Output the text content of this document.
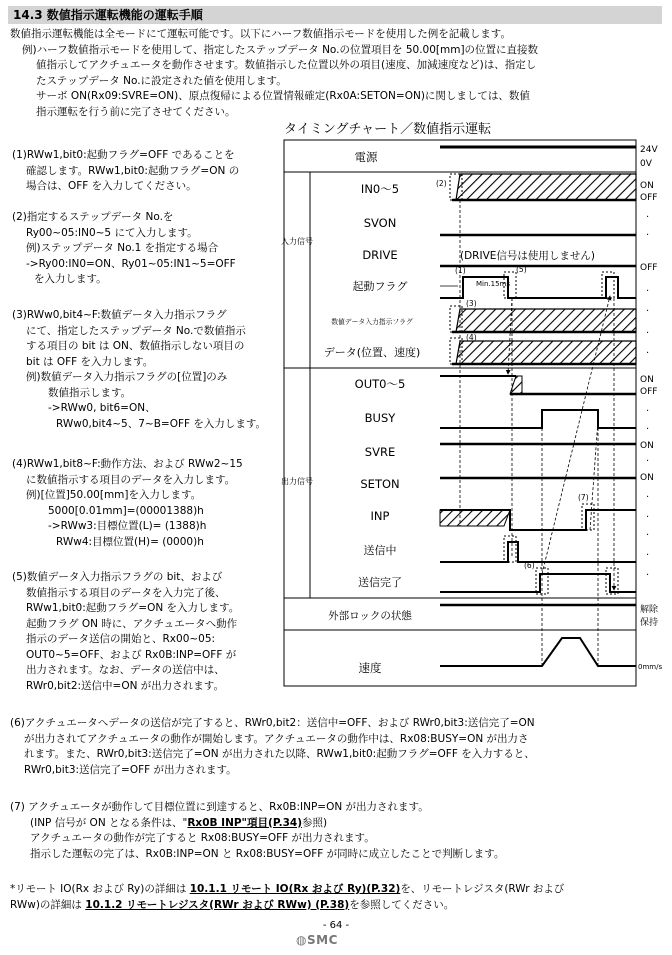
14.3 数値指示運転機能の運転手順

数値指示運転機能は全モードにて運転可能です。以下にハーフ数値指示モードを使用した例を記載します。

例)ハーフ数値指示モードを使用して、指定したステップデータ No.の位置項目を 50.00[mm]の位置に直接数

値指示してアクチュエータを動作させます。数値指示した位置以外の項目(速度、加減速度など)は、指定し

たステップデータ No.に設定された値を使用します。

サーボ ON(Rx09:SVRE=ON)、原点復帰による位置情報確定(Rx0A:SETON=ON)に関しましては、数値

指示運転を行う前に完了させてください。

タイミングチャート／数値指示運転

(1)RWw1,bit0:起動フラグ=OFF であることを

確認します。RWw1,bit0:起動フラグ=ON の

場合は、OFF を入力してください。

(2)指定するステップデータ No.を

Ry00~05:IN0~5 にて入力します。

例)ステップデータ No.1 を指定する場合

->Ry00:IN0=ON、Ry01~05:IN1~5=OFF

を入力します。

(3)RWw0,bit4~F:数値データ入力指示フラグ

にて、指定したステップデータ No.で数値指示

する項目の bit は ON、数値指示しない項目の

bit は OFF を入力します。

例)数値データ入力指示フラグの[位置]のみ

数値指示します。

->RWw0, bit6=ON、

RWw0,bit4~5、7~B=OFF を入力します。

(4)RWw1,bit8~F:動作方法、および RWw2~15

に数値指示する項目のデータを入力します。

例)[位置]50.00[mm]を入力します。

5000[0.01mm]=(00001388)h

->RWw3:目標位置(L)= (1388)h

RWw4:目標位置(H)= (0000)h

(5)数値データ入力指示フラグの bit、および

数値指示する項目のデータを入力完了後、

RWw1,bit0:起動フラグ=ON を入力します。

起動フラグ ON 時に、アクチュエータへ動作

指示のデータ送信の開始と、Rx00~05:

OUT0~5=OFF、および Rx0B:INP=OFF が

出力されます。なお、データの送信中は、

RWr0,bit2:送信中=ON が出力されます。

入力信号
出力信号
電源
IN0～5
SVON
DRIVE	(DRIVE信号は使用しません)
起動フラグ
数値データ入力指示フラグ
データ(位置、速度)
OUT0～5
BUSY
SVRE
SETON
INP
送信中
送信完了
外部ロックの状態
速度
Min.15ms
(2)
(1)
(3)
(4)
(5)
(6)
(7)
24V
0V
ON
OFF
·
·
OFF
·
·
·
·
ON
OFF
·
·
ON
·
ON
·
·
·
·
·
解除
保持
0mm/s

(6)アクチュエータへデータの送信が完了すると、RWr0,bit2：送信中=OFF、および RWr0,bit3:送信完了=ON

が出力されてアクチュエータの動作が開始します。アクチュエータの動作中は、Rx08:BUSY=ON が出力さ

れます。また、RWr0,bit3:送信完了=ON が出力された以降、RWw1,bit0:起動フラグ=OFF を入力すると、

RWr0,bit3:送信完了=OFF が出力されます。

(7) アクチュエータが動作して目標位置に到達すると、Rx0B:INP=ON が出力されます。

(INP 信号が ON となる条件は、"Rx0B INP"項目(P.34)参照)

アクチュエータの動作が完了すると Rx08:BUSY=OFF が出力されます。

指示した運転の完了は、Rx0B:INP=ON と Rx08:BUSY=OFF が同時に成立したことで判断します。

*リモート IO(Rx および Ry)の詳細は 10.1.1 リモート IO(Rx および Ry)(P.32)を、リモートレジスタ(RWr および

RWw)の詳細は 10.1.2 リモートレジスタ(RWr および RWw) (P.38)を参照してください。

- 64 -
◍SMC
